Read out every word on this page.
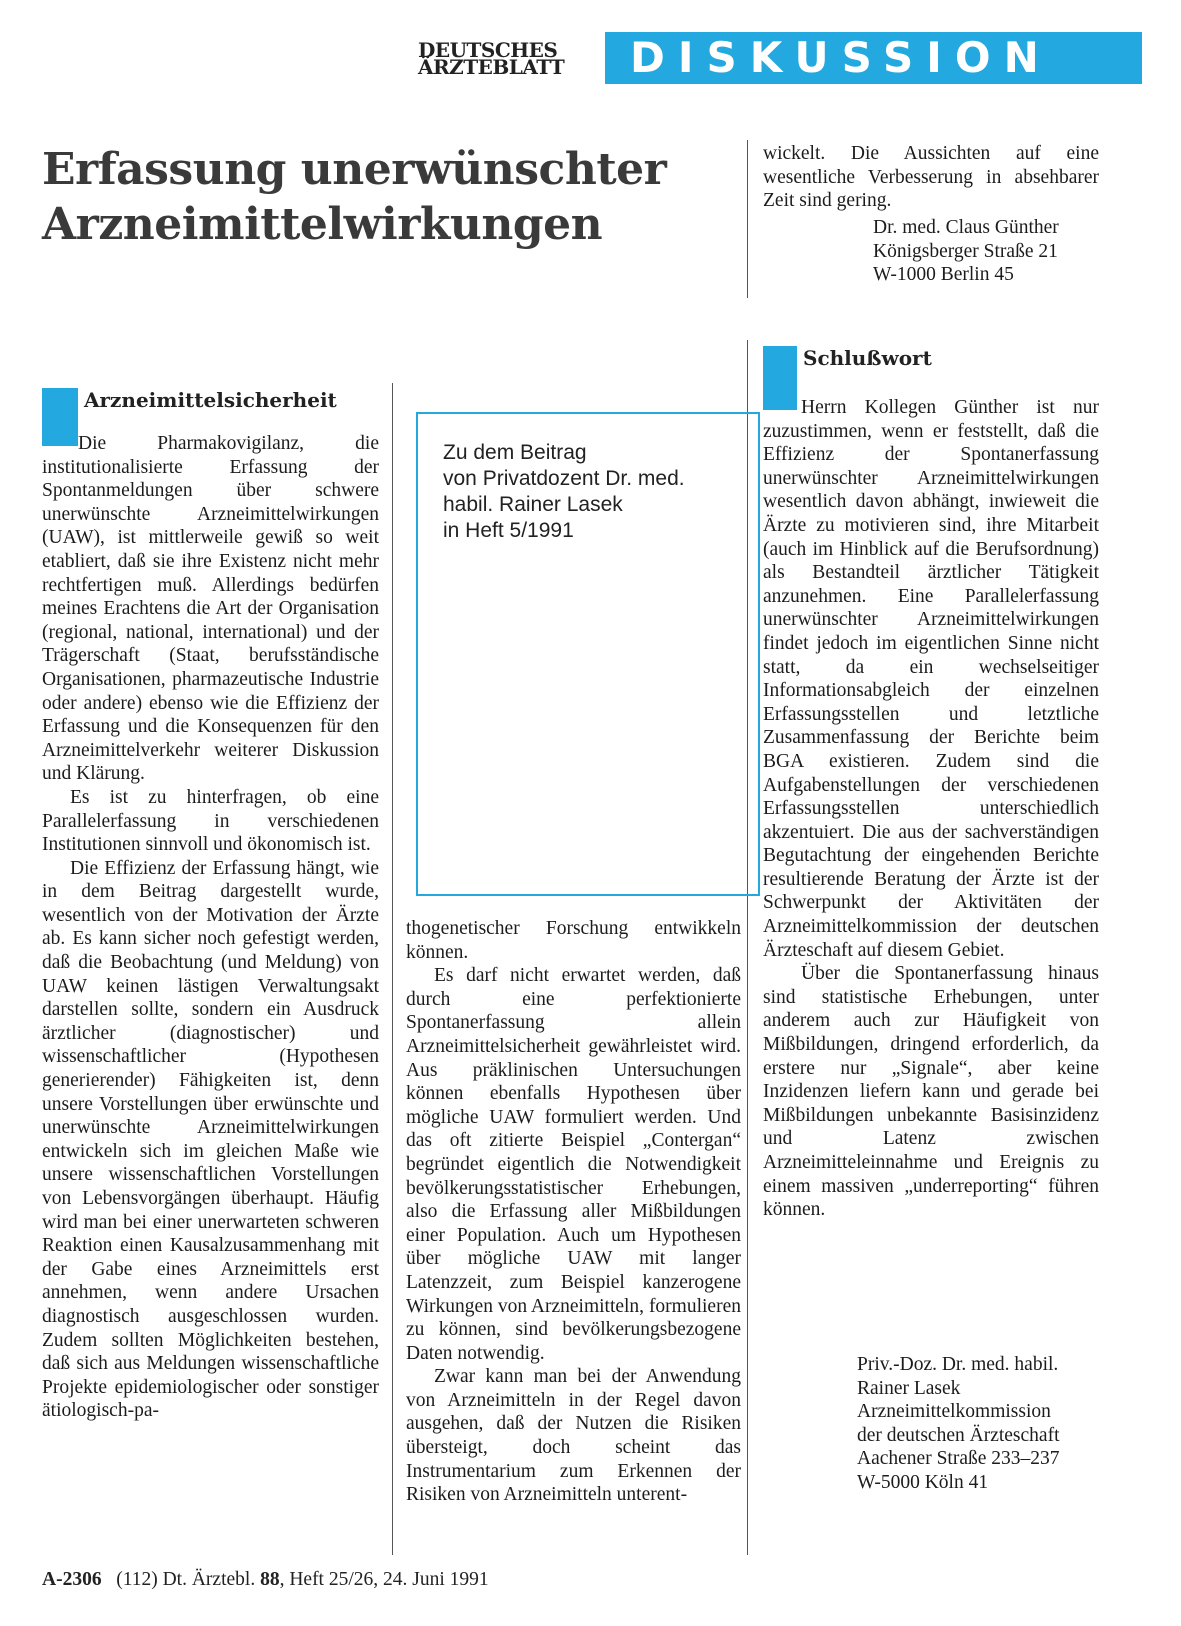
DEUTSCHES
ÄRZTEBLATT	DISKUSSION
Erfassung unerwünschter
Arzneimittelwirkungen
Arzneimittelsicherheit

Die Pharmakovigilanz, die institutionalisierte Erfassung der Spontanmeldungen über schwere unerwünschte Arzneimittelwirkungen (UAW), ist mittlerweile gewiß so weit etabliert, daß sie ihre Existenz nicht mehr rechtfertigen muß. Allerdings bedürfen meines Erachtens die Art der Organisation (regional, national, international) und der Trägerschaft (Staat, berufsständische Organisationen, pharmazeutische Industrie oder andere) ebenso wie die Effizienz der Erfassung und die Konsequenzen für den Arzneimittelverkehr weiterer Diskussion und Klärung.

Es ist zu hinterfragen, ob eine Parallelerfassung in verschiedenen Institutionen sinnvoll und ökonomisch ist.

Die Effizienz der Erfassung hängt, wie in dem Beitrag dargestellt wurde, wesentlich von der Motivation der Ärzte ab. Es kann sicher noch gefestigt werden, daß die Beobachtung (und Meldung) von UAW keinen lästigen Verwaltungsakt darstellen sollte, sondern ein Ausdruck ärztlicher (diagnostischer) und wissenschaftlicher (Hypothesen generierender) Fähigkeiten ist, denn unsere Vorstellungen über erwünschte und unerwünschte Arzneimittelwirkungen entwickeln sich im gleichen Maße wie unsere wissenschaftlichen Vorstellungen von Lebensvorgängen überhaupt. Häufig wird man bei einer unerwarteten schweren Reaktion einen Kausalzusammenhang mit der Gabe eines Arzneimittels erst annehmen, wenn andere Ursachen diagnostisch ausgeschlossen wurden. Zudem sollten Möglichkeiten bestehen, daß sich aus Meldungen wissenschaftliche Projekte epidemiologischer oder sonstiger ätiologisch-pa-

Zu dem Beitrag
von Privatdozent Dr. med.
habil. Rainer Lasek
in Heft 5/1991

thogenetischer Forschung entwikkeln können.

Es darf nicht erwartet werden, daß durch eine perfektionierte Spontanerfassung allein Arzneimittelsicherheit gewährleistet wird. Aus präklinischen Untersuchungen können ebenfalls Hypothesen über mögliche UAW formuliert werden. Und das oft zitierte Beispiel „Contergan“ begründet eigentlich die Notwendigkeit bevölkerungsstatistischer Erhebungen, also die Erfassung aller Mißbildungen einer Population. Auch um Hypothesen über mögliche UAW mit langer Latenzzeit, zum Beispiel kanzerogene Wirkungen von Arzneimitteln, formulieren zu können, sind bevölkerungsbezogene Daten notwendig.

Zwar kann man bei der Anwendung von Arzneimitteln in der Regel davon ausgehen, daß der Nutzen die Risiken übersteigt, doch scheint das Instrumentarium zum Erkennen der Risiken von Arzneimitteln unterent-

wickelt. Die Aussichten auf eine wesentliche Verbesserung in absehbarer Zeit sind gering.

Dr. med. Claus Günther
Königsberger Straße 21
W-1000 Berlin 45
Schlußwort

Herrn Kollegen Günther ist nur zuzustimmen, wenn er feststellt, daß die Effizienz der Spontanerfassung unerwünschter Arzneimittelwirkungen wesentlich davon abhängt, inwieweit die Ärzte zu motivieren sind, ihre Mitarbeit (auch im Hinblick auf die Berufsordnung) als Bestandteil ärztlicher Tätigkeit anzunehmen. Eine Parallelerfassung unerwünschter Arzneimittelwirkungen findet jedoch im eigentlichen Sinne nicht statt, da ein wechselseitiger Informationsabgleich der einzelnen Erfassungsstellen und letztliche Zusammenfassung der Berichte beim BGA existieren. Zudem sind die Aufgabenstellungen der verschiedenen Erfassungsstellen unterschiedlich akzentuiert. Die aus der sachverständigen Begutachtung der eingehenden Berichte resultierende Beratung der Ärzte ist der Schwerpunkt der Aktivitäten der Arzneimittelkommission der deutschen Ärzteschaft auf diesem Gebiet.

Über die Spontanerfassung hinaus sind statistische Erhebungen, unter anderem auch zur Häufigkeit von Mißbildungen, dringend erforderlich, da erstere nur „Signale“, aber keine Inzidenzen liefern kann und gerade bei Mißbildungen unbekannte Basisinzidenz und Latenz zwischen Arzneimitteleinnahme und Ereignis zu einem massiven „underreporting“ führen können.

Priv.-Doz. Dr. med. habil.
Rainer Lasek
Arzneimittelkommission
der deutschen Ärzteschaft
Aachener Straße 233–237
W-5000 Köln 41
A-2306 (112) Dt. Ärztebl. 88, Heft 25/26, 24. Juni 1991
